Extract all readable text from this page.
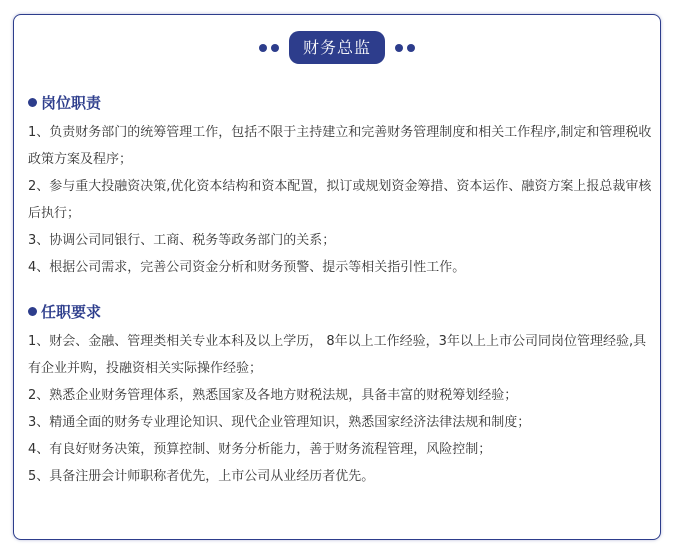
财务总监
岗位职责
1、负责财务部门的统筹管理工作，包括不限于主持建立和完善财务管理制度和相关工作程序,制定和管理税收政策方案及程序；
2、参与重大投融资决策,优化资本结构和资本配置，拟订或规划资金筹措、资本运作、融资方案上报总裁审核后执行；
3、协调公司同银行、工商、税务等政务部门的关系；
4、根据公司需求，完善公司资金分析和财务预警、提示等相关指引性工作。
任职要求
1、财会、金融、管理类相关专业本科及以上学历， 8年以上工作经验，3年以上上市公司同岗位管理经验,具有企业并购，投融资相关实际操作经验；
2、熟悉企业财务管理体系，熟悉国家及各地方财税法规，具备丰富的财税筹划经验；
3、精通全面的财务专业理论知识、现代企业管理知识，熟悉国家经济法律法规和制度；
4、有良好财务决策，预算控制、财务分析能力，善于财务流程管理，风险控制；
5、具备注册会计师职称者优先，上市公司从业经历者优先。
